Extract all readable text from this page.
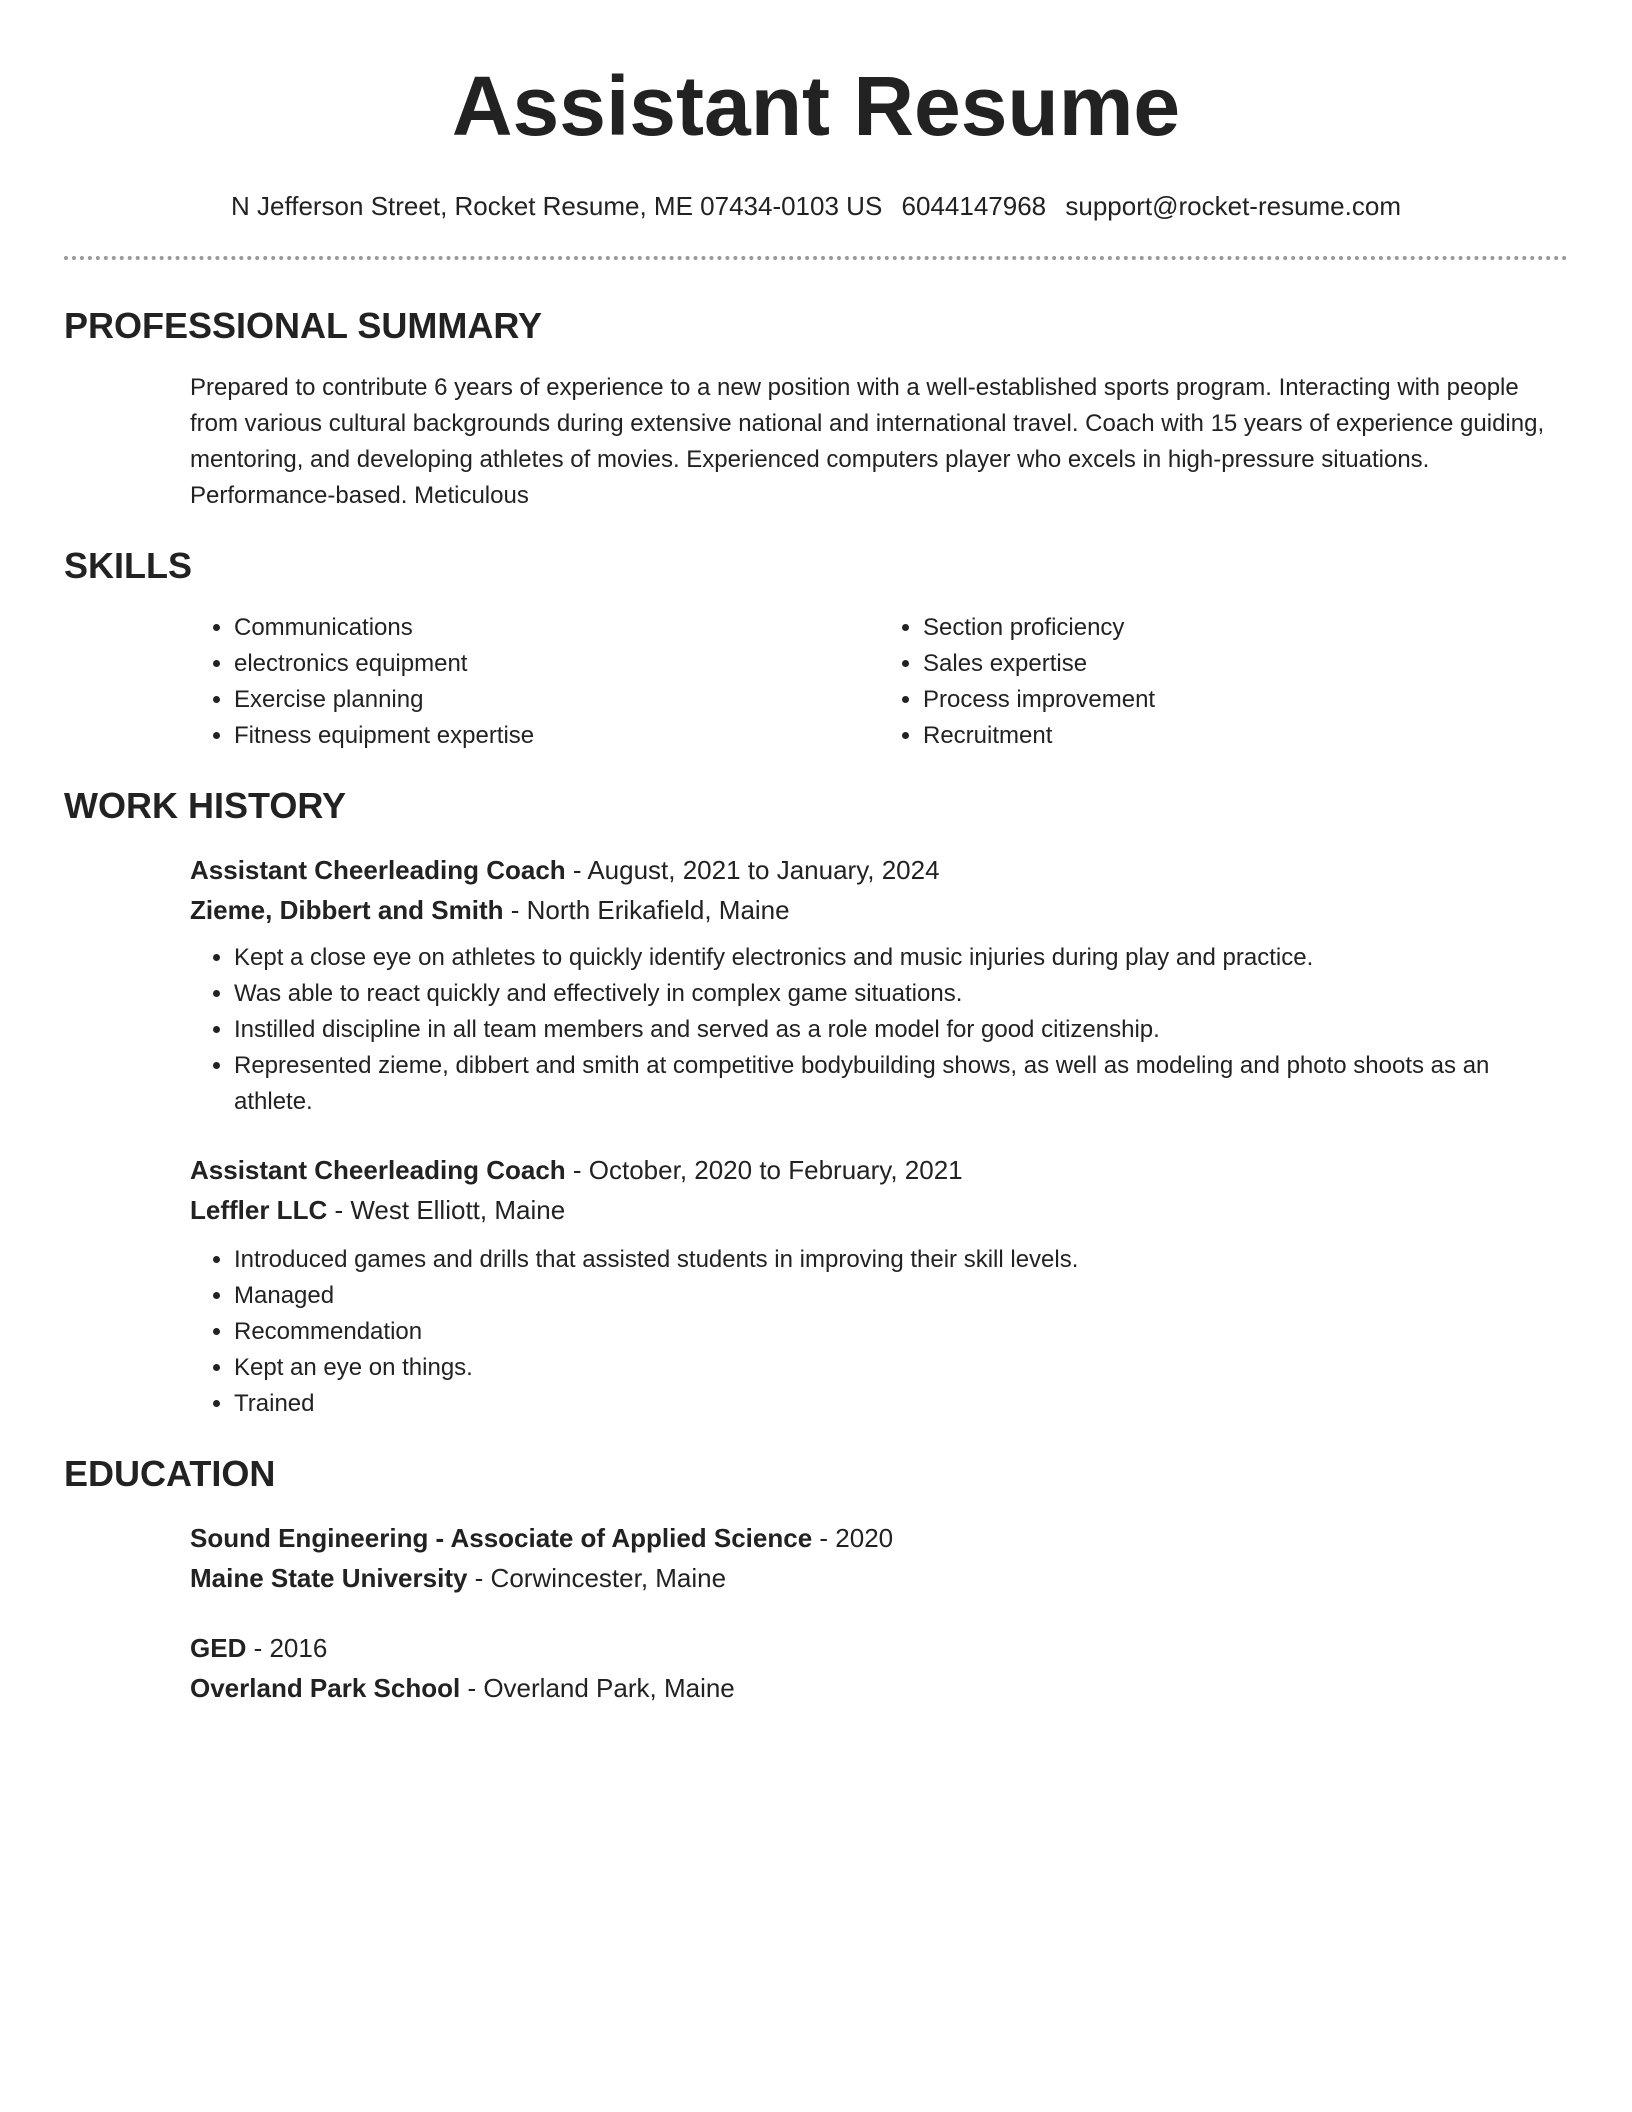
Assistant Resume
N Jefferson Street, Rocket Resume, ME 07434-0103 US 6044147968 support@rocket-resume.com
PROFESSIONAL SUMMARY
Prepared to contribute 6 years of experience to a new position with a well-established sports program. Interacting with people from various cultural backgrounds during extensive national and international travel. Coach with 15 years of experience guiding, mentoring, and developing athletes of movies. Experienced computers player who excels in high-pressure situations. Performance-based. Meticulous
SKILLS
• Communications
• electronics equipment
• Exercise planning
• Fitness equipment expertise
• Section proficiency
• Sales expertise
• Process improvement
• Recruitment
WORK HISTORY
Assistant Cheerleading Coach - August, 2021 to January, 2024
Zieme, Dibbert and Smith - North Erikafield, Maine
• Kept a close eye on athletes to quickly identify electronics and music injuries during play and practice.
• Was able to react quickly and effectively in complex game situations.
• Instilled discipline in all team members and served as a role model for good citizenship.
• Represented zieme, dibbert and smith at competitive bodybuilding shows, as well as modeling and photo shoots as an athlete.
Assistant Cheerleading Coach - October, 2020 to February, 2021
Leffler LLC - West Elliott, Maine
• Introduced games and drills that assisted students in improving their skill levels.
• Managed
• Recommendation
• Kept an eye on things.
• Trained
EDUCATION
Sound Engineering - Associate of Applied Science - 2020
Maine State University - Corwincester, Maine
GED - 2016
Overland Park School - Overland Park, Maine
